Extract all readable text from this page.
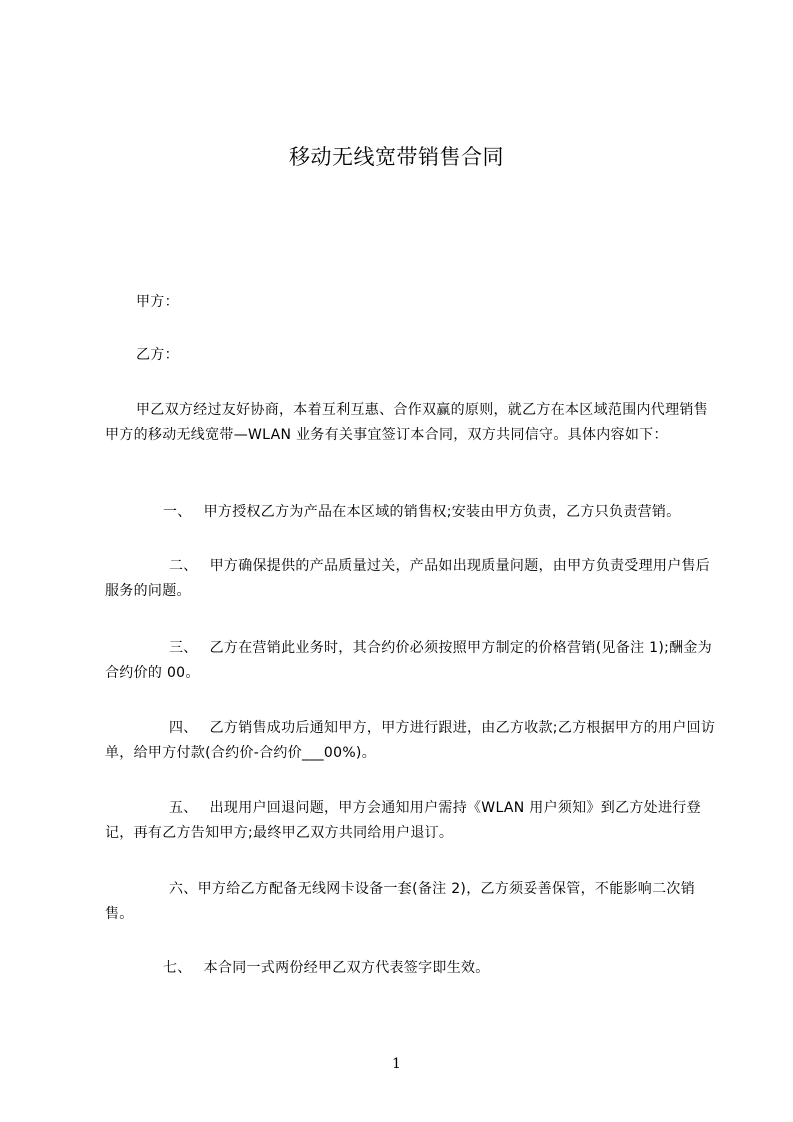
移动无线宽带销售合同

甲方：

乙方：

甲乙双方经过友好协商，本着互利互惠、合作双赢的原则，就乙方在本区域范围内代理销售甲方的移动无线宽带—WLAN 业务有关事宜签订本合同，双方共同信守。具体内容如下：

一、 甲方授权乙方为产品在本区域的销售权;安装由甲方负责，乙方只负责营销。

二、 甲方确保提供的产品质量过关，产品如出现质量问题，由甲方负责受理用户售后服务的问题。

三、 乙方在营销此业务时，其合约价必须按照甲方制定的价格营销(见备注 1);酬金为合约价的 00。

四、 乙方销售成功后通知甲方，甲方进行跟进，由乙方收款;乙方根据甲方的用户回访单，给甲方付款(合约价-合约价___00%)。

五、 出现用户回退问题，甲方会通知用户需持《WLAN 用户须知》到乙方处进行登记，再有乙方告知甲方;最终甲乙双方共同给用户退订。

六、甲方给乙方配备无线网卡设备一套(备注 2)，乙方须妥善保管，不能影响二次销售。

七、 本合同一式两份经甲乙双方代表签字即生效。

1
